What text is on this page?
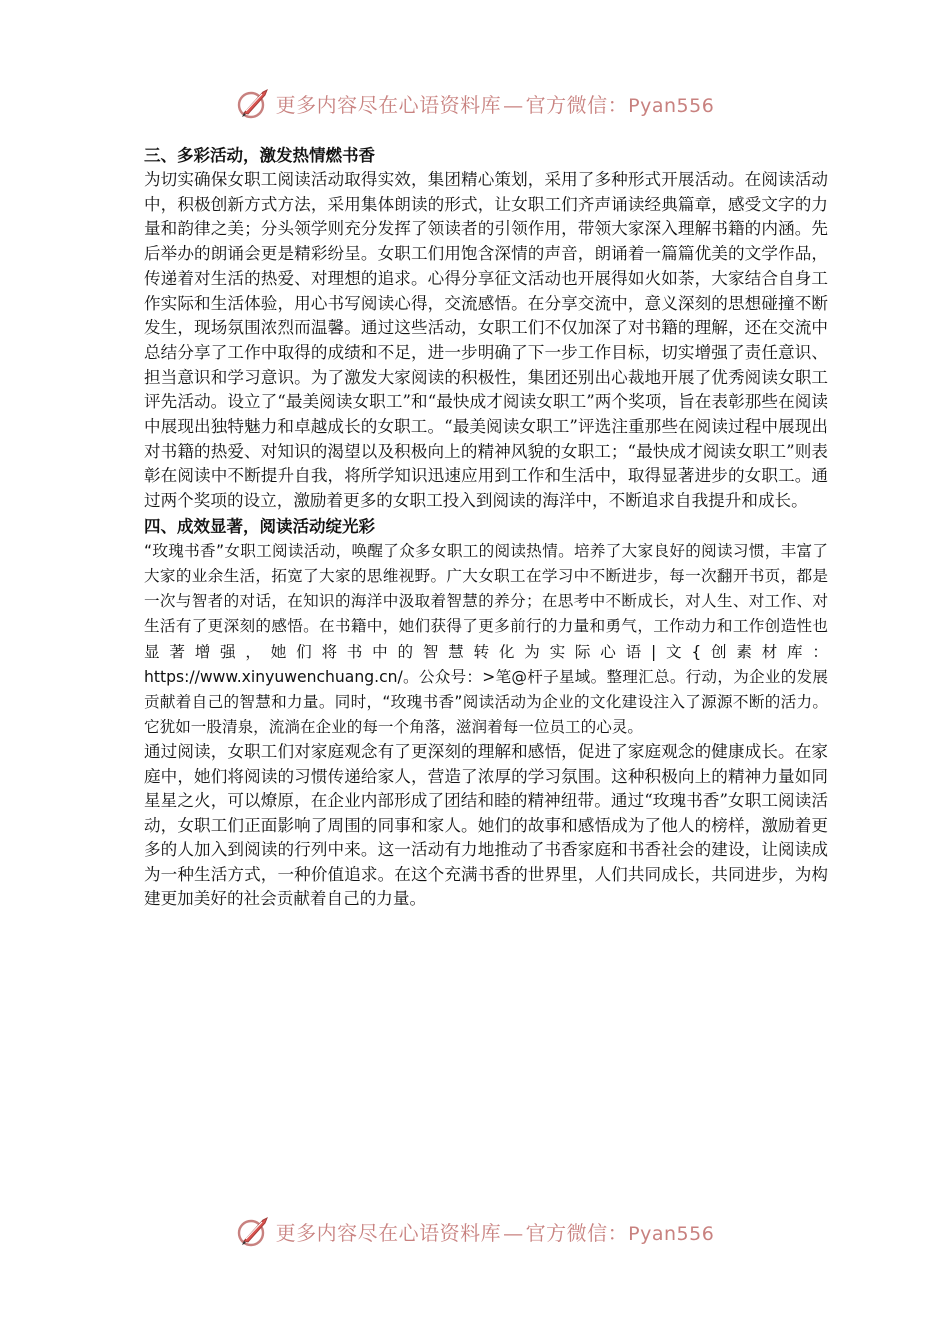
更多内容尽在心语资料库 — 官方微信：Pyan556

三、多彩活动，激发热情燃书香

为切实确保女职工阅读活动取得实效，集团精心策划，采用了多种形式开展活动。在阅读活动中，积极创新方式方法，采用集体朗读的形式，让女职工们齐声诵读经典篇章，感受文字的力量和韵律之美；分头领学则充分发挥了领读者的引领作用，带领大家深入理解书籍的内涵。先后举办的朗诵会更是精彩纷呈。女职工们用饱含深情的声音，朗诵着一篇篇优美的文学作品，传递着对生活的热爱、对理想的追求。心得分享征文活动也开展得如火如荼，大家结合自身工作实际和生活体验，用心书写阅读心得，交流感悟。在分享交流中，意义深刻的思想碰撞不断发生，现场氛围浓烈而温馨。通过这些活动，女职工们不仅加深了对书籍的理解，还在交流中总结分享了工作中取得的成绩和不足，进一步明确了下一步工作目标，切实增强了责任意识、担当意识和学习意识。为了激发大家阅读的积极性，集团还别出心裁地开展了优秀阅读女职工评先活动。设立了“最美阅读女职工”和“最快成才阅读女职工”两个奖项，旨在表彰那些在阅读中展现出独特魅力和卓越成长的女职工。“最美阅读女职工”评选注重那些在阅读过程中展现出对书籍的热爱、对知识的渴望以及积极向上的精神风貌的女职工；“最快成才阅读女职工”则表彰在阅读中不断提升自我，将所学知识迅速应用到工作和生活中，取得显著进步的女职工。通过两个奖项的设立，激励着更多的女职工投入到阅读的海洋中，不断追求自我提升和成长。

四、成效显著，阅读活动绽光彩

“玫瑰书香”女职工阅读活动，唤醒了众多女职工的阅读热情。培养了大家良好的阅读习惯，丰富了大家的业余生活，拓宽了大家的思维视野。广大女职工在学习中不断进步，每一次翻开书页，都是一次与智者的对话，在知识的海洋中汲取着智慧的养分；在思考中不断成长，对人生、对工作、对生活有了更深刻的感悟。在书籍中，她们获得了更多前行的力量和勇气，工作动力和工作创造性也显著增强，她们将书中的智慧转化为实际心语|文{创素材库：https://www.xinyuwenchuang.cn/。公众号：>笔@杆子星域。整理汇总。行动，为企业的发展贡献着自己的智慧和力量。同时，“玫瑰书香”阅读活动为企业的文化建设注入了源源不断的活力。它犹如一股清泉，流淌在企业的每一个角落，滋润着每一位员工的心灵。

通过阅读，女职工们对家庭观念有了更深刻的理解和感悟，促进了家庭观念的健康成长。在家庭中，她们将阅读的习惯传递给家人，营造了浓厚的学习氛围。这种积极向上的精神力量如同星星之火，可以燎原，在企业内部形成了团结和睦的精神纽带。通过“玫瑰书香”女职工阅读活动，女职工们正面影响了周围的同事和家人。她们的故事和感悟成为了他人的榜样，激励着更多的人加入到阅读的行列中来。这一活动有力地推动了书香家庭和书香社会的建设，让阅读成为一种生活方式，一种价值追求。在这个充满书香的世界里，人们共同成长，共同进步，为构建更加美好的社会贡献着自己的力量。

更多内容尽在心语资料库 — 官方微信：Pyan556
